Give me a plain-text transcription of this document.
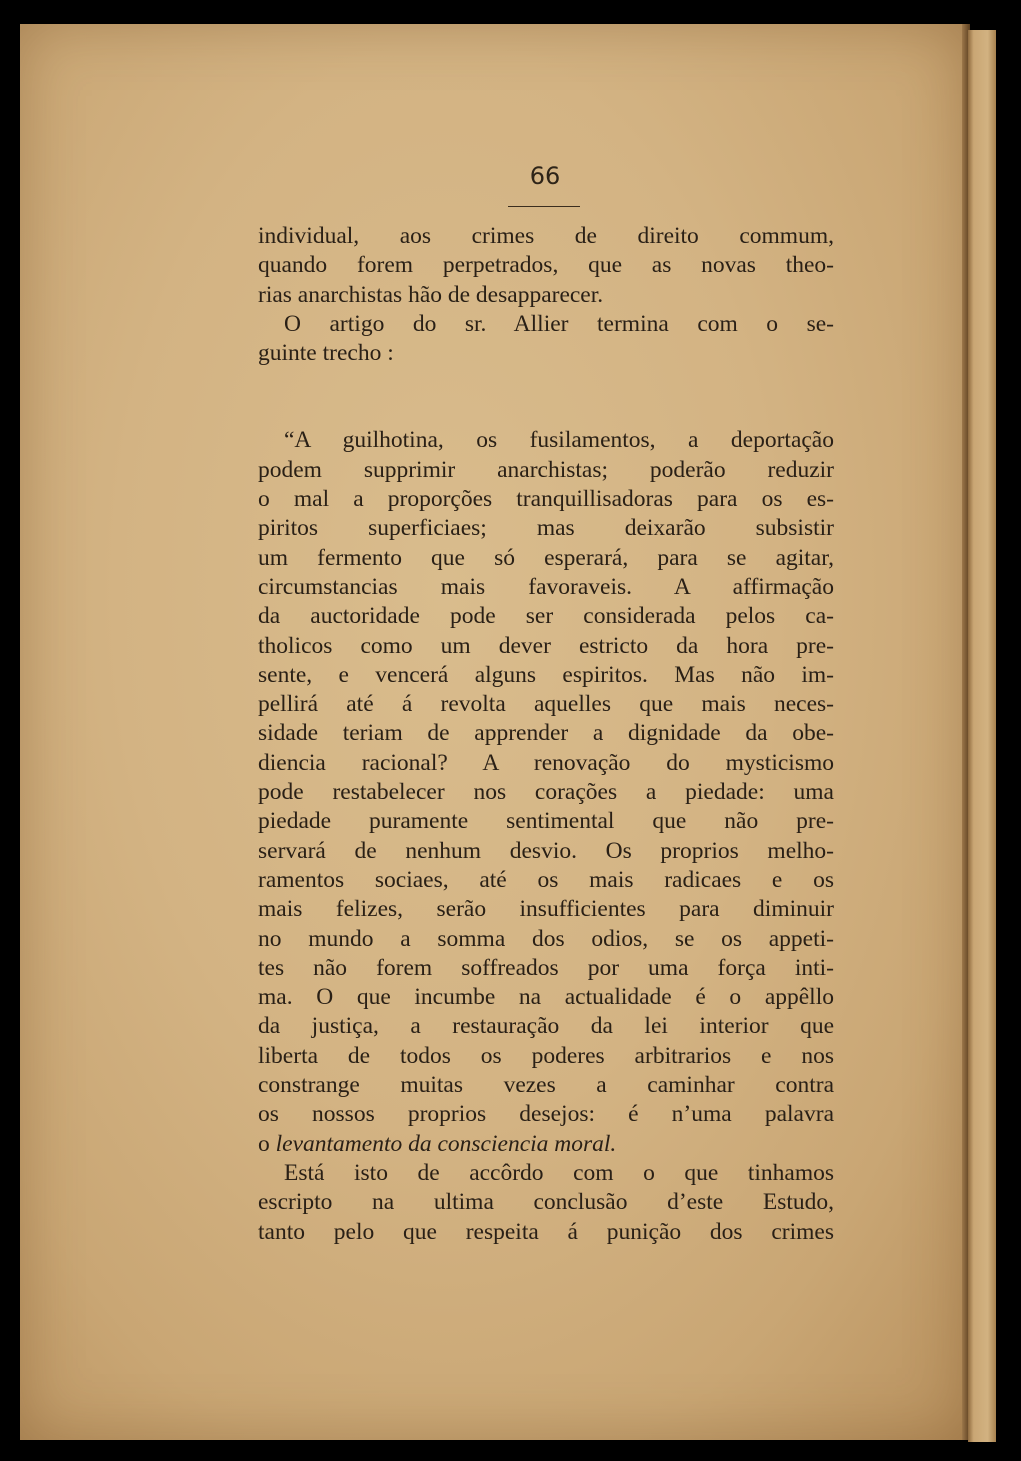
66
individual, aos crimes de direito commum,
quando forem perpetrados, que as novas theo-
rias anarchistas hão de desapparecer.
O artigo do sr. Allier termina com o se-
guinte trecho :
“A guilhotina, os fusilamentos, a deportação
podem supprimir anarchistas; poderão reduzir
o mal a proporções tranquillisadoras para os es-
piritos superficiaes; mas deixarão subsistir
um fermento que só esperará, para se agitar,
circumstancias mais favoraveis. A affirmação
da auctoridade pode ser considerada pelos ca-
tholicos como um dever estricto da hora pre-
sente, e vencerá alguns espiritos. Mas não im-
pellirá até á revolta aquelles que mais neces-
sidade teriam de apprender a dignidade da obe-
diencia racional? A renovação do mysticismo
pode restabelecer nos corações a piedade: uma
piedade puramente sentimental que não pre-
servará de nenhum desvio. Os proprios melho-
ramentos sociaes, até os mais radicaes e os
mais felizes, serão insufficientes para diminuir
no mundo a somma dos odios, se os appeti-
tes não forem soffreados por uma força inti-
ma. O que incumbe na actualidade é o appêllo
da justiça, a restauração da lei interior que
liberta de todos os poderes arbitrarios e nos
constrange muitas vezes a caminhar contra
os nossos proprios desejos: é n’uma palavra
o levantamento da consciencia moral.
Está isto de accôrdo com o que tinhamos
escripto na ultima conclusão d’este Estudo,
tanto pelo que respeita á punição dos crimes
